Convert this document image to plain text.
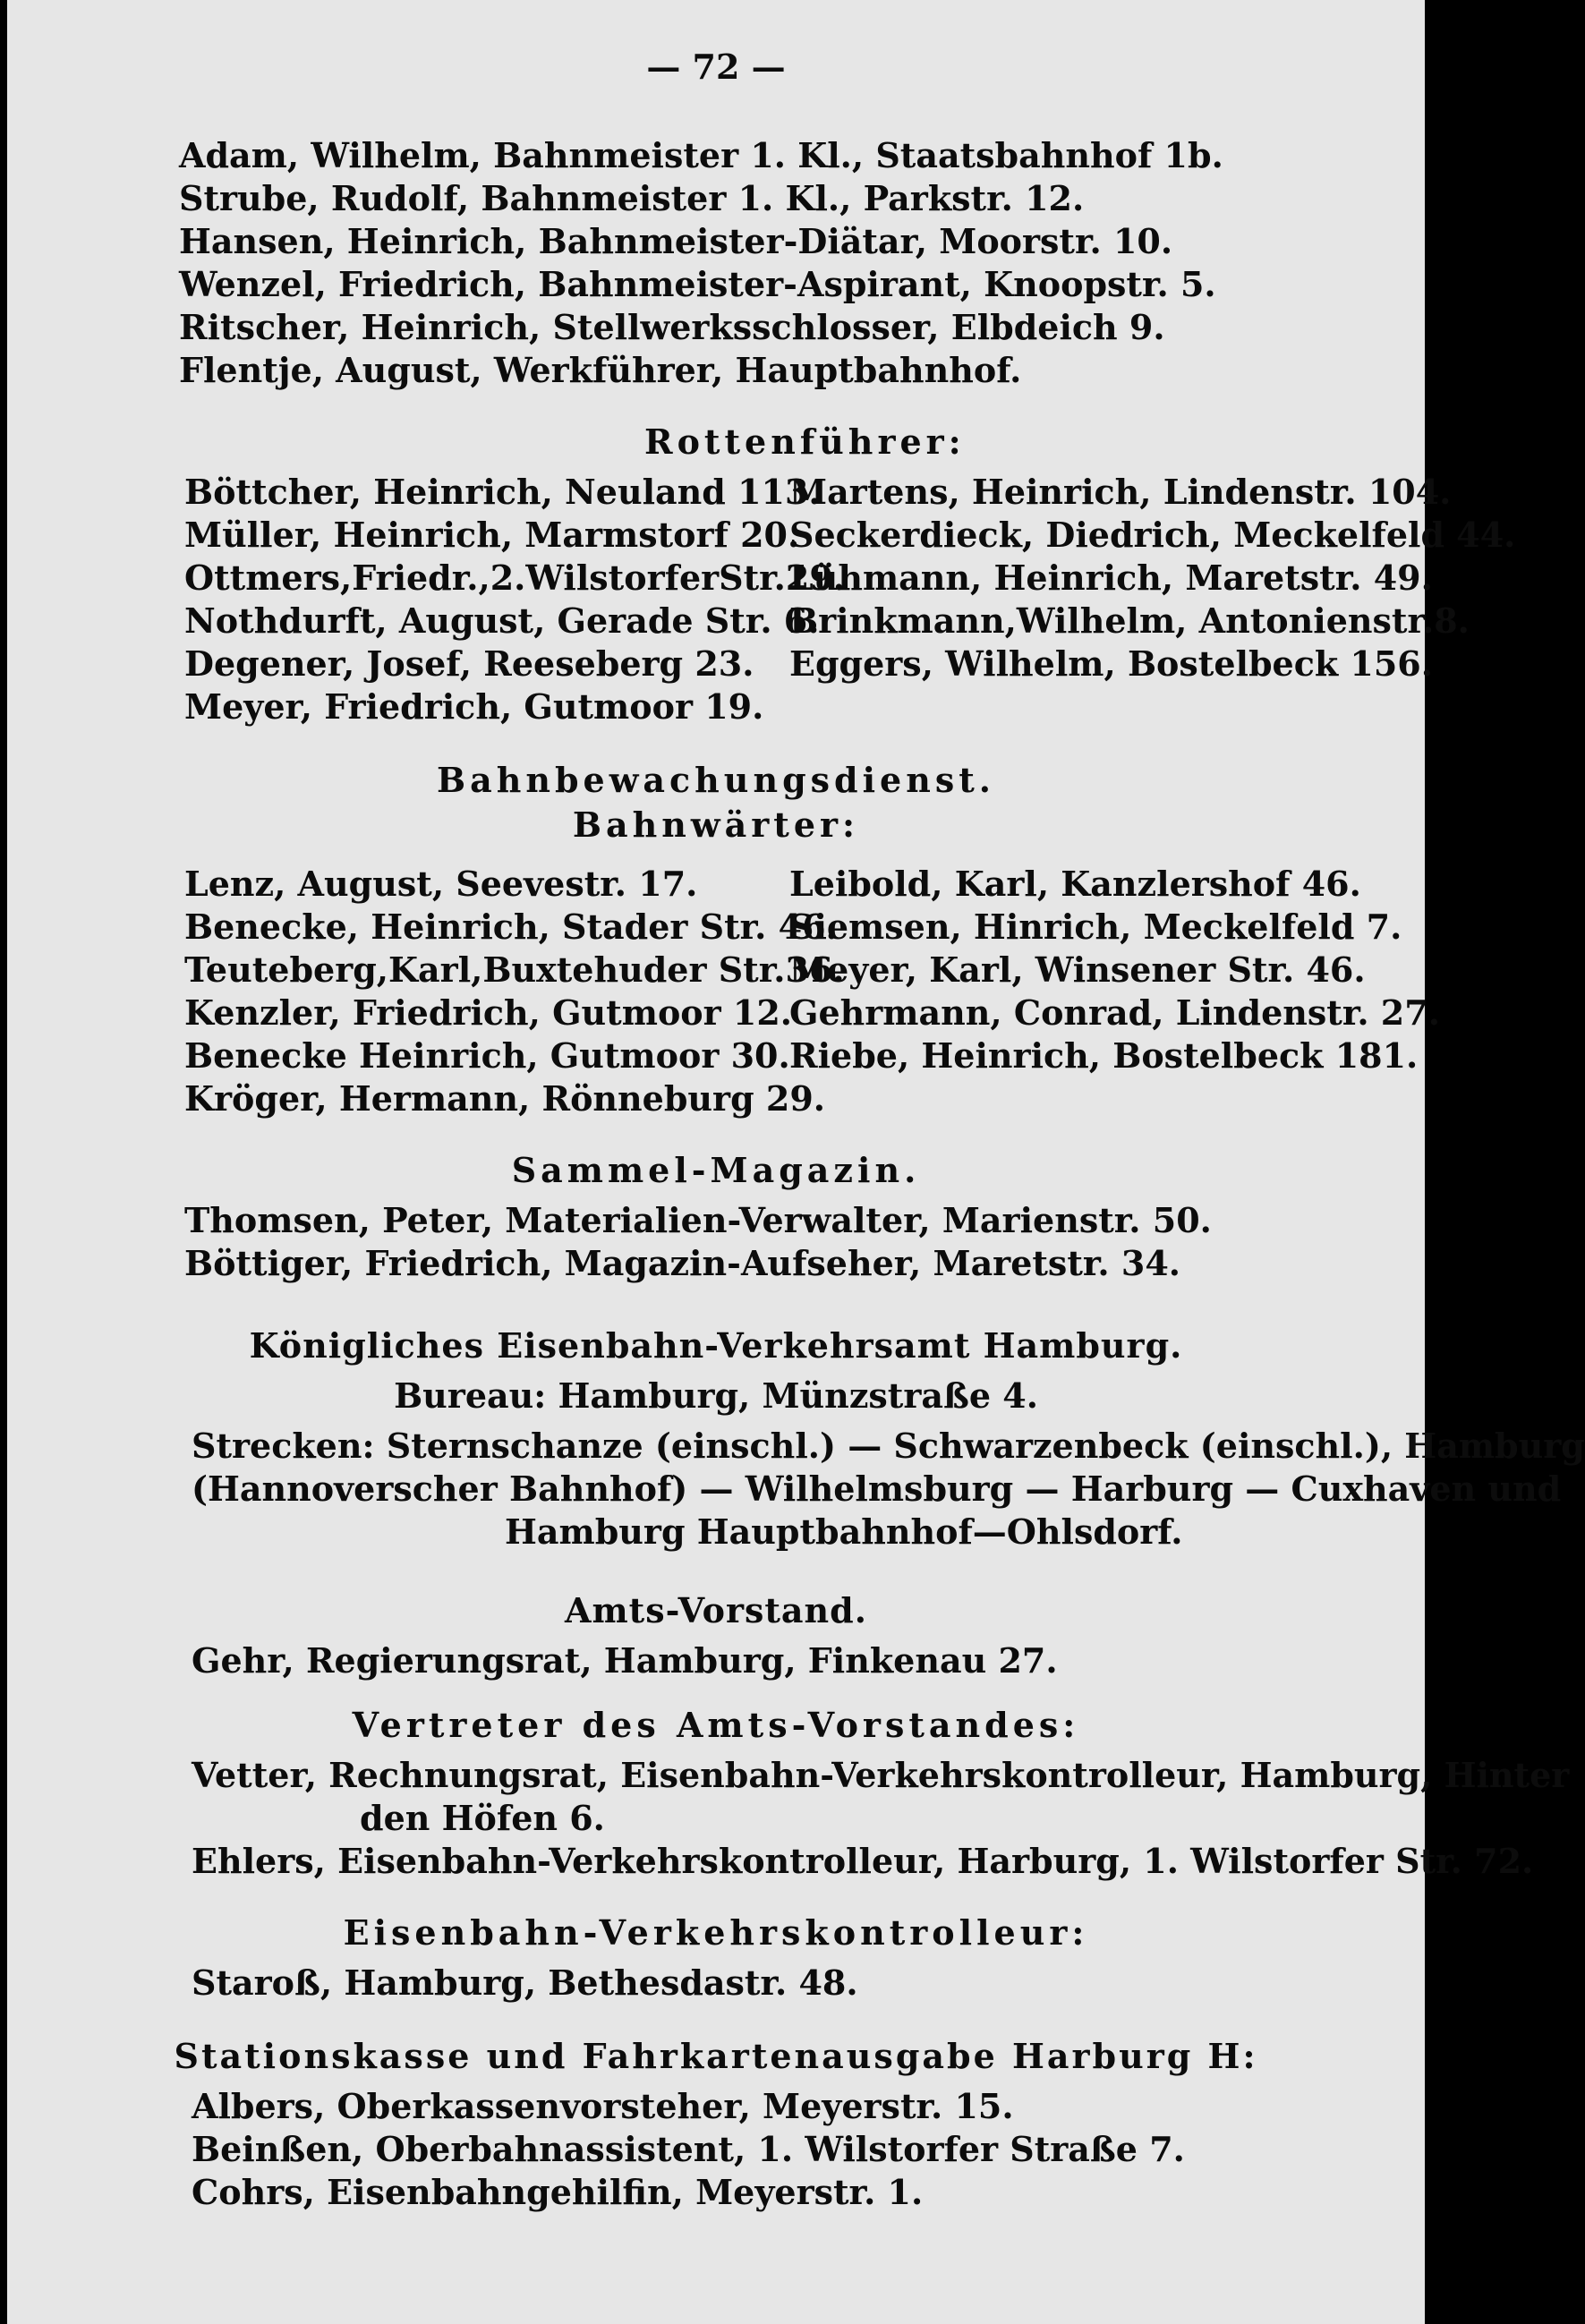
— 72 —
Adam, Wilhelm, Bahnmeister 1. Kl., Staatsbahnhof 1b.
Strube, Rudolf, Bahnmeister 1. Kl., Parkstr. 12.
Hansen, Heinrich, Bahnmeister-Diätar, Moorstr. 10.
Wenzel, Friedrich, Bahnmeister-Aspirant, Knoopstr. 5.
Ritscher, Heinrich, Stellwerksschlosser, Elbdeich 9.
Flentje, August, Werkführer, Hauptbahnhof.
Rottenführer:
Böttcher, Heinrich, Neuland 113.
Müller, Heinrich, Marmstorf 20.
Ottmers,Friedr.,2.WilstorferStr.29.
Nothdurft, August, Gerade Str. 6.
Degener, Josef, Reeseberg 23.
Meyer, Friedrich, Gutmoor 19.
Martens, Heinrich, Lindenstr. 104.
Seckerdieck, Diedrich, Meckelfeld 44.
Lühmann, Heinrich, Maretstr. 49.
Brinkmann,Wilhelm, Antonienstr.8.
Eggers, Wilhelm, Bostelbeck 156.
Bahnbewachungsdienst.
Bahnwärter:
Lenz, August, Seevestr. 17.
Benecke, Heinrich, Stader Str. 46.
Teuteberg,Karl,Buxtehuder Str.36.
Kenzler, Friedrich, Gutmoor 12.
Benecke Heinrich, Gutmoor 30.
Kröger, Hermann, Rönneburg 29.
Leibold, Karl, Kanzlershof 46.
Siemsen, Hinrich, Meckelfeld 7.
Meyer, Karl, Winsener Str. 46.
Gehrmann, Conrad, Lindenstr. 27.
Riebe, Heinrich, Bostelbeck 181.
Sammel-Magazin.
Thomsen, Peter, Materialien-Verwalter, Marienstr. 50.
Böttiger, Friedrich, Magazin-Aufseher, Maretstr. 34.
Königliches Eisenbahn-Verkehrsamt Hamburg.
Bureau: Hamburg, Münzstraße 4.
Strecken: Sternschanze (einschl.) — Schwarzenbeck (einschl.), Hamburg
(Hannoverscher Bahnhof) — Wilhelmsburg — Harburg — Cuxhaven und
Hamburg Hauptbahnhof—Ohlsdorf.
Amts-Vorstand.
Gehr, Regierungsrat, Hamburg, Finkenau 27.
Vertreter des Amts-Vorstandes:
Vetter, Rechnungsrat, Eisenbahn-Verkehrskontrolleur, Hamburg, Hinter
den Höfen 6.
Ehlers, Eisenbahn-Verkehrskontrolleur, Harburg, 1. Wilstorfer Str. 72.
Eisenbahn-Verkehrskontrolleur:
Staroß, Hamburg, Bethesdastr. 48.
Stationskasse und Fahrkartenausgabe Harburg H:
Albers, Oberkassenvorsteher, Meyerstr. 15.
Beinßen, Oberbahnassistent, 1. Wilstorfer Straße 7.
Cohrs, Eisenbahngehilfin, Meyerstr. 1.
